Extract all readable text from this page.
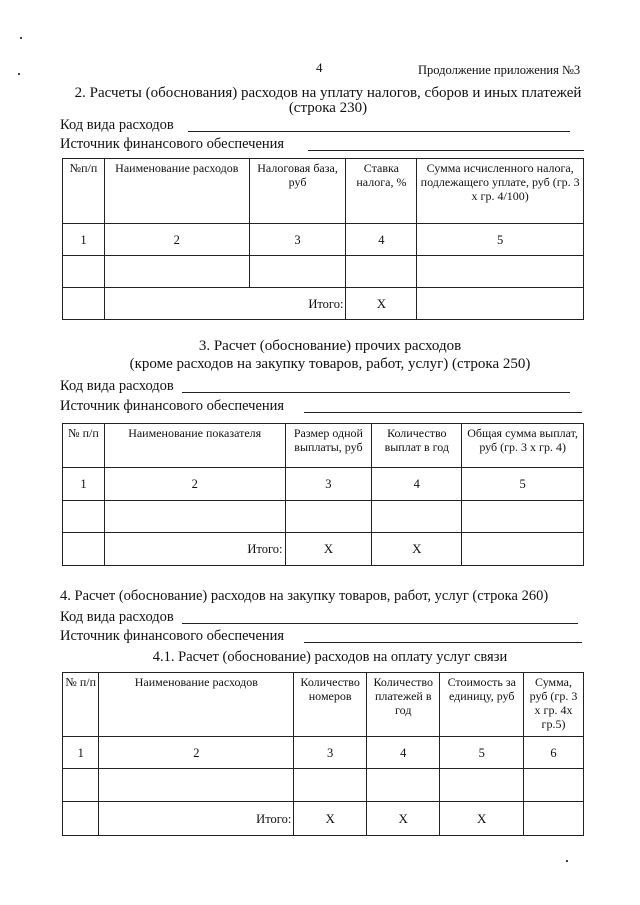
4	Продолжение приложения №3
2. Расчеты (обоснования) расходов на уплату налогов, сборов и иных платежей
(строка 230)
Код вида расходов
Источник финансового обеспечения
№п/п	Наименование расходов	Налоговая база, руб	Ставка налога, %	Сумма исчисленного налога, подлежащего уплате, руб (гр. 3 х гр. 4/100)
1	2	3	4	5

	Итого:		Х	
3. Расчет (обоснование) прочих расходов
(кроме расходов на закупку товаров, работ, услуг) (строка 250)
Код вида расходов
Источник финансового обеспечения
№ п/п	Наименование показателя	Размер одной выплаты, руб	Количество выплат в год	Общая сумма выплат, руб (гр. 3 х гр. 4)
1	2	3	4	5

	Итого:	Х	Х	
4. Расчет (обоснование) расходов на закупку товаров, работ, услуг (строка 260)
Код вида расходов
Источник финансового обеспечения
4.1. Расчет (обоснование) расходов на оплату услуг связи
№ п/п	Наименование расходов	Количество номеров	Количество платежей в год	Стоимость за единицу, руб	Сумма, руб (гр. 3 х гр. 4х гр.5)
1	2	3	4	5	6

	Итого:	Х	Х	Х	
